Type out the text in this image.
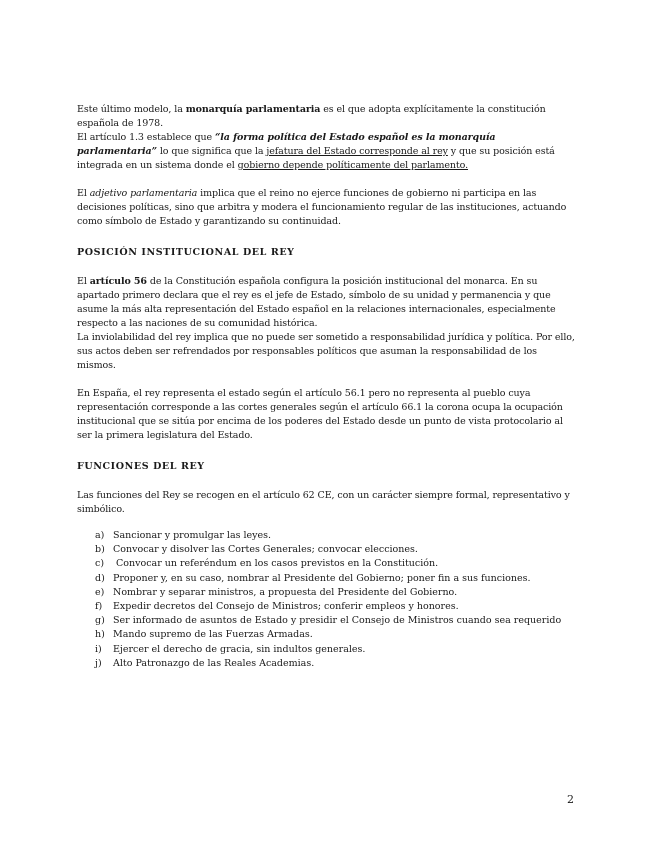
Este último modelo, la monarquía parlamentaria es el que adopta explícitamente la constitución española de 1978.

El artículo 1.3 establece que “la forma política del Estado español es la monarquía parlamentaria” lo que significa que la jefatura del Estado corresponde al rey y que su posición está integrada en un sistema donde el gobierno depende políticamente del parlamento.

El adjetivo parlamentaria implica que el reino no ejerce funciones de gobierno ni participa en las decisiones políticas, sino que arbitra y modera el funcionamiento regular de las instituciones, actuando como símbolo de Estado y garantizando su continuidad.

POSICIÓN INSTITUCIONAL DEL REY

El artículo 56 de la Constitución española configura la posición institucional del monarca. En su apartado primero declara que el rey es el jefe de Estado, símbolo de su unidad y permanencia y que asume la más alta representación del Estado español en la relaciones internacionales, especialmente respecto a las naciones de su comunidad histórica.

La inviolabilidad del rey implica que no puede ser sometido a responsabilidad jurídica y política. Por ello, sus actos deben ser refrendados por responsables políticos que asuman la responsabilidad de los mismos.

En España, el rey representa el estado según el artículo 56.1 pero no representa al pueblo cuya representación corresponde a las cortes generales según el artículo 66.1 la corona ocupa la ocupación institucional que se sitúa por encima de los poderes del Estado desde un punto de vista protocolario al ser la primera legislatura del Estado.

FUNCIONES DEL REY

Las funciones del Rey se recogen en el artículo 62 CE, con un carácter siempre formal, representativo y simbólico.

a) Sancionar y promulgar las leyes.
b) Convocar y disolver las Cortes Generales; convocar elecciones.
c) Convocar un referéndum en los casos previstos en la Constitución.
d) Proponer y, en su caso, nombrar al Presidente del Gobierno; poner fin a sus funciones.
e) Nombrar y separar ministros, a propuesta del Presidente del Gobierno.
f)	Expedir decretos del Consejo de Ministros; conferir empleos y honores.
g) Ser informado de asuntos de Estado y presidir el Consejo de Ministros cuando sea requerido
h) Mando supremo de las Fuerzas Armadas.
i)	Ejercer el derecho de gracia, sin indultos generales.
j)	Alto Patronazgo de las Reales Academias.
2
